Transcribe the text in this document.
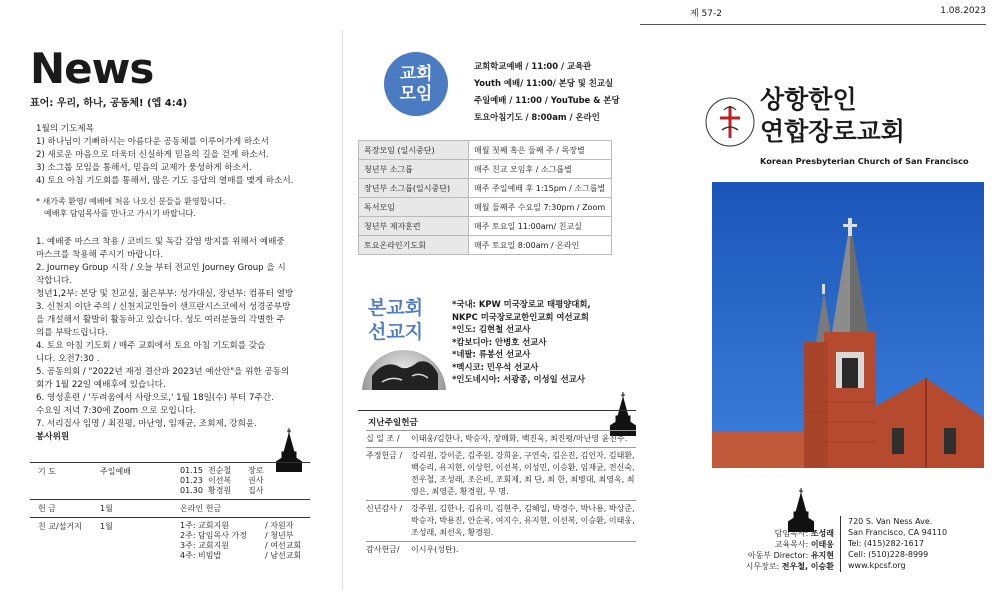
제 57-2	1.08.2023
News
표어: 우리, 하나, 공동체! (엡 4:4)

1월의 기도제목

1) 하나님이 기뻐하시는 아름다운 공동체를 이루어가게 하소서

2) 새로운 마음으로 더욱더 신실하게 믿음의 길을 걷게 하소서.

3) 소그룹 모임을 통해서, 믿음의 교제가 풍성하게 하소서.

4) 토요 아침 기도회를 통해서, 많은 기도 응답의 열매를 맺게 하소서.

* 새가족 환영/ 예배에 처음 나오신 분들을 환영합니다.

예배후 담임목사를 만나고 가시기 바랍니다.

1. 예배중 마스크 착용 / 코비드 및 독감 감염 방지를 위해서 예배중

마스크를 착용해 주시기 바랍니다.

2. Journey Group 시작 / 오늘 부터 전교인 Journey Group 을 시

작합니다.

청년1,2부: 본당 및 친교실, 젊은부부: 성가대실, 장년부: 컴퓨터 열방

3. 신천지 이단 주의 / 신천지교인들이 샌프란시스코에서 성경공부방

을 개설해서 활발히 활동하고 있습니다. 성도 여러분들의 각별한 주

의를 부탁드립니다.

4. 토요 아침 기도회 / 매주 교회에서 토요 아침 기도회를 갖습

니다. 오전7:30 .

5. 공동의회 / "2022년 재정 결산과 2023년 예산안"을 위한 공동의

회가 1월 22일 예배후에 있습니다.

6. 영성훈련 / '두려움에서 사랑으로,' 1월 18일(수) 부터 7주간.

수요일 저녁 7:30에 Zoom 으로 모입니다.

7. 서리집사 임명 / 최진평, 마난영, 임재균, 조회제, 강희윤.

봉사위원

기 도	주일예배	01.15 전순철	장로
01.23 이선복	권사
01.30 황경원	집사
헌 금	1월	온라인 헌금
친 교/설거지	1월	1주: 교회지원	/ 자원자
2주: 담임목사 가정	/ 청년부
3주: 교회지원	/ 여선교회
4주: 비빔밥	/ 남선교회
교회
모임
교회학교예배 / 11:00 / 교육관
Youth 예배/ 11:00/ 본당 및 친교실
주일예배 / 11:00 / YouTube & 본당
토요아침기도 / 8:00am / 온라인
목장모임 (일시중단)	매월 첫째 혹은 둘째 주 / 목장별
청년부 소그룹	매주 친교 모임후 / 소그룹별
장년부 소그룹(일시중단)	매주 주일예배 후 1:15pm / 소그룹별
독서모임	매월 둘째주 수요일 7:30pm / Zoom
청년부 제자훈련	매주 토요일 11:00am/ 친교실
토요온라인기도회	매주 토요일 8:00am / 온라인
본교회
선교지
*국내: KPW 미국장로교 태평양대회,
NKPC 미국장로교한인교회 여선교회
*인도: 김현철 선교사
*캄보디아: 안병호 선교사
*네팔: 류봉선 선교사
*멕시코: 민우석 선교사
*인도네시아: 서광종, 이성일 선교사
지난주일헌금
십 일 조 /	이태웅/김한나, 박승자, 장매화, 백진욱, 최진평/마난영 윤진주.
주정헌금 /	강리원, 강이준, 김주원, 강희윤, 구연숙, 김은진, 김인자, 김태환, 백승리, 유지현, 이상헌, 이선복, 이성민, 이승환, 임재균, 전신숙, 전우철, 조성래, 조은비, 조회제, 최 단, 최 한, 최병대, 최영옥, 최영은, 최영준, 황경원, 무 명.
신년감사 /	강주원, 김한나, 김유미, 김현주, 김혜일, 박경수, 박나용, 박상준, 박승자, 박용진, 안순록, 여지수, 유지현, 이선복, 이승환, 이태웅, 조성래, 최선옥, 황경원.
감사헌금/	이시우(성탄).
상항한인
연합장로교회
Korean Presbyterian Church of San Francisco
담임목사: 조성래
교육목사: 이태웅
아동부 Director: 유지현
시무장로: 전우철, 이승환
720 S. Van Ness Ave.
San Francisco, CA 94110
Tel: (415)282-1617
Cell: (510)228-8999
www.kpcsf.org
